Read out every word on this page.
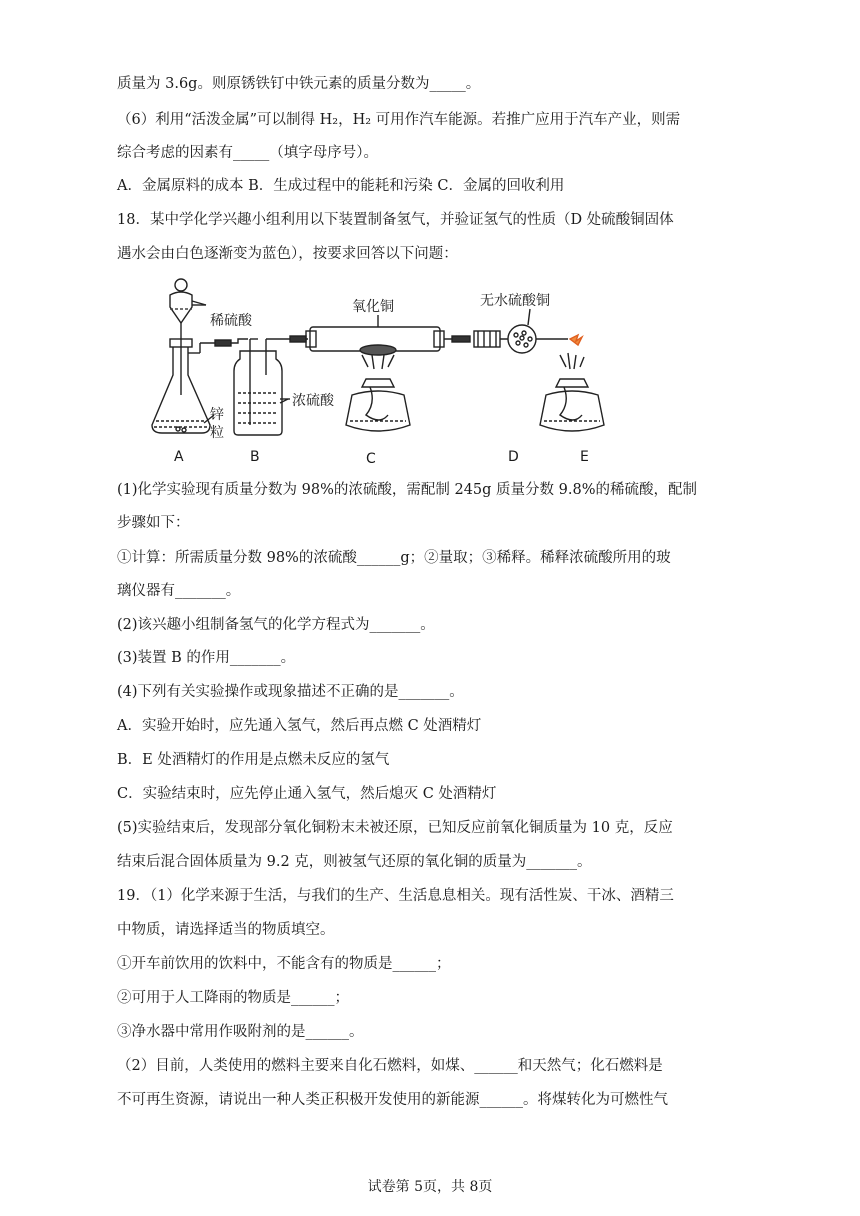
质量为 3.6g。则原锈铁钉中铁元素的质量分数为_____。
（6）利用“活泼金属”可以制得 H₂，H₂ 可用作汽车能源。若推广应用于汽车产业，则需
综合考虑的因素有_____（填字母序号）。
A．金属原料的成本 B．生成过程中的能耗和污染 C．金属的回收利用
18．某中学化学兴趣小组利用以下装置制备氢气，并验证氢气的性质（D 处硫酸铜固体
遇水会由白色逐渐变为蓝色），按要求回答以下问题：
(1)化学实验现有质量分数为 98%的浓硫酸，需配制 245g 质量分数 9.8%的稀硫酸，配制
步骤如下：
①计算：所需质量分数 98%的浓硫酸______g；②量取；③稀释。稀释浓硫酸所用的玻
璃仪器有_______。
(2)该兴趣小组制备氢气的化学方程式为_______。
(3)装置 B 的作用_______。
(4)下列有关实验操作或现象描述不正确的是_______。
A．实验开始时，应先通入氢气，然后再点燃 C 处酒精灯
B．E 处酒精灯的作用是点燃未反应的氢气
C．实验结束时，应先停止通入氢气，然后熄灭 C 处酒精灯
(5)实验结束后，发现部分氧化铜粉末未被还原，已知反应前氧化铜质量为 10 克，反应
结束后混合固体质量为 9.2 克，则被氢气还原的氧化铜的质量为_______。
19．（1）化学来源于生活，与我们的生产、生活息息相关。现有活性炭、干冰、酒精三
中物质，请选择适当的物质填空。
①开车前饮用的饮料中，不能含有的物质是______；
②可用于人工降雨的物质是______；
③净水器中常用作吸附剂的是______。
（2）目前，人类使用的燃料主要来自化石燃料，如煤、______和天然气；化石燃料是
不可再生资源，请说出一种人类正积极开发使用的新能源______。将煤转化为可燃性气
稀硫酸
锌
粒
浓硫酸
氧化铜	无水硫酸铜
A	B	C	D	E
试卷第 5页，共 8页
